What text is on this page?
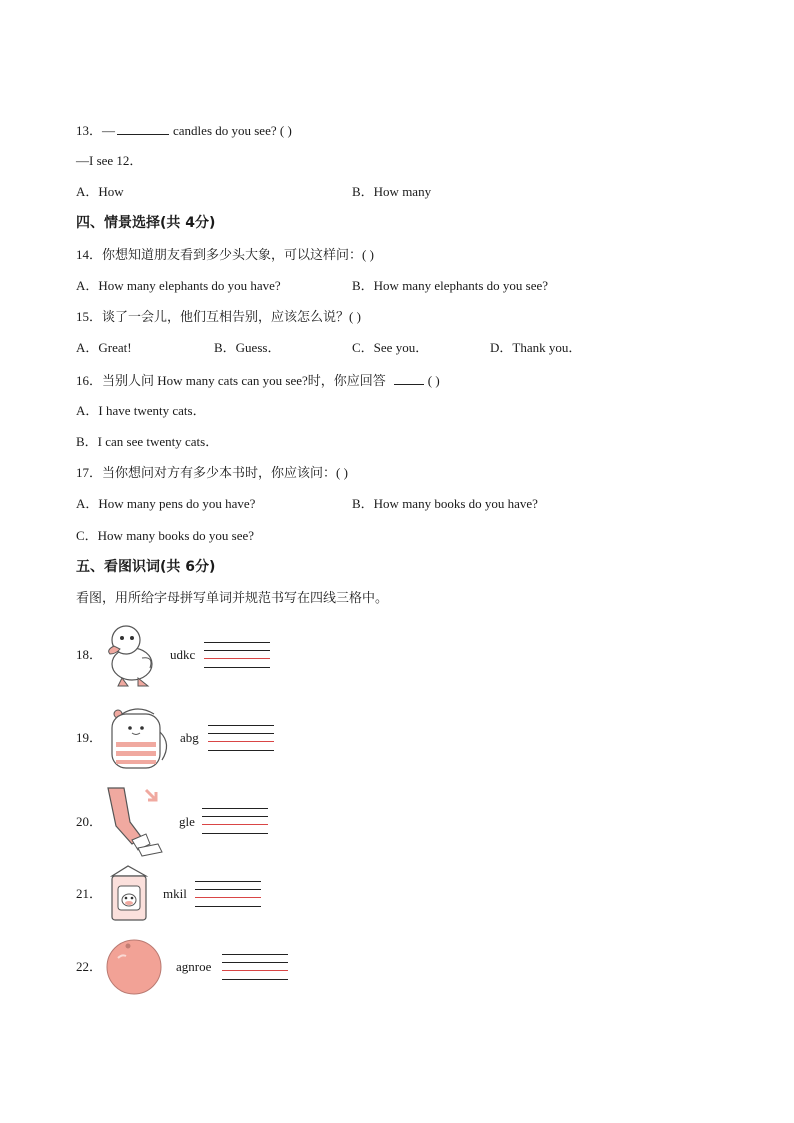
13．—	candles do you see? ( )
—I see 12．
A．How	B．How many
四、情景选择(共 4分)
14．你想知道朋友看到多少头大象，可以这样问：( )
A．How many elephants do you have?	B．How many elephants do you see?
15．谈了一会儿，他们互相告别，应该怎么说？( )
A．Great!	B．Guess．	C．See you．	D．Thank you．
16．当别人问 How many cats can you see?时，你应回答	( )
A．I have twenty cats．
B．I can see twenty cats．
17．当你想问对方有多少本书时，你应该问：( )
A．How many pens do you have?	B．How many books do you have?
C．How many books do you see?
五、看图识词(共 6分)
看图，用所给字母拼写单词并规范书写在四线三格中。
18．	udkc
19．	abg
20．	gle
21．	mkil
22．	agnroe
